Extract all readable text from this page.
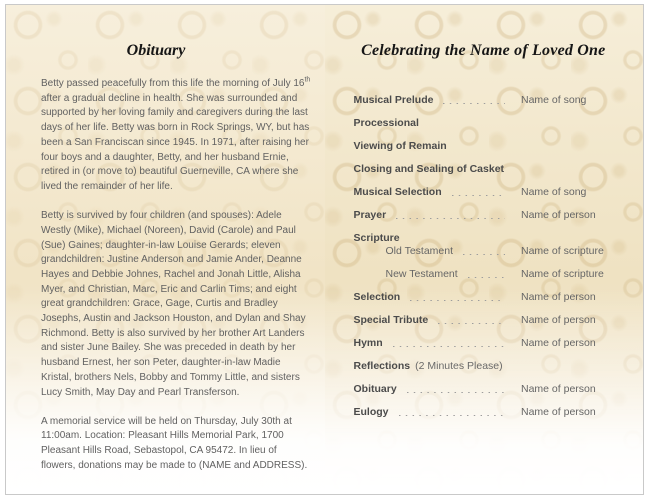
Obituary

Betty passed peacefully from this life the morning of July 16th after a gradual decline in health. She was surrounded and supported by her loving family and caregivers during the last days of her life. Betty was born in Rock Springs, WY, but has been a San Franciscan since 1945. In 1971, after raising her four boys and a daughter, Betty, and her husband Ernie, retired in (or move to) beautiful Guerneville, CA where she lived the remainder of her life.

Betty is survived by four children (and spouses): Adele Westly (Mike), Michael (Noreen), David (Carole) and Paul (Sue) Gaines; daughter-in-law Louise Gerards; eleven grandchildren: Justine Anderson and Jamie Ander, Deanne Hayes and Debbie Johnes, Rachel and Jonah Little, Alisha Myer, and Christian, Marc, Eric and Carlin Tims; and eight great grandchildren: Grace, Gage, Curtis and Bradley Josephs, Austin and Jackson Houston, and Dylan and Shay Richmond. Betty is also survived by her brother Art Landers and sister June Bailey. She was preceded in death by her husband Ernest, her son Peter, daughter-in-law Madie Kristal, brothers Nels, Bobby and Tommy Little, and sisters Lucy Smith, May Day and Pearl Transferson.

A memorial service will be held on Thursday, July 30th at 11:00am. Location: Pleasant Hills Memorial Park, 1700 Pleasant Hills Road, Sebastopol, CA 95472. In lieu of flowers, donations may be made to (NAME and ADDRESS).

Celebrating the Name of Loved One
Musical Prelude	Name of song
Processional
Viewing of Remain
Closing and Sealing of Casket
Musical Selection	Name of song
Prayer	Name of person
Scripture
Old Testament	Name of scripture
New Testament	Name of scripture
Selection	Name of person
Special Tribute	Name of person
Hymn	Name of person
Reflections (2 Minutes Please)
Obituary	Name of person
Eulogy	Name of person
